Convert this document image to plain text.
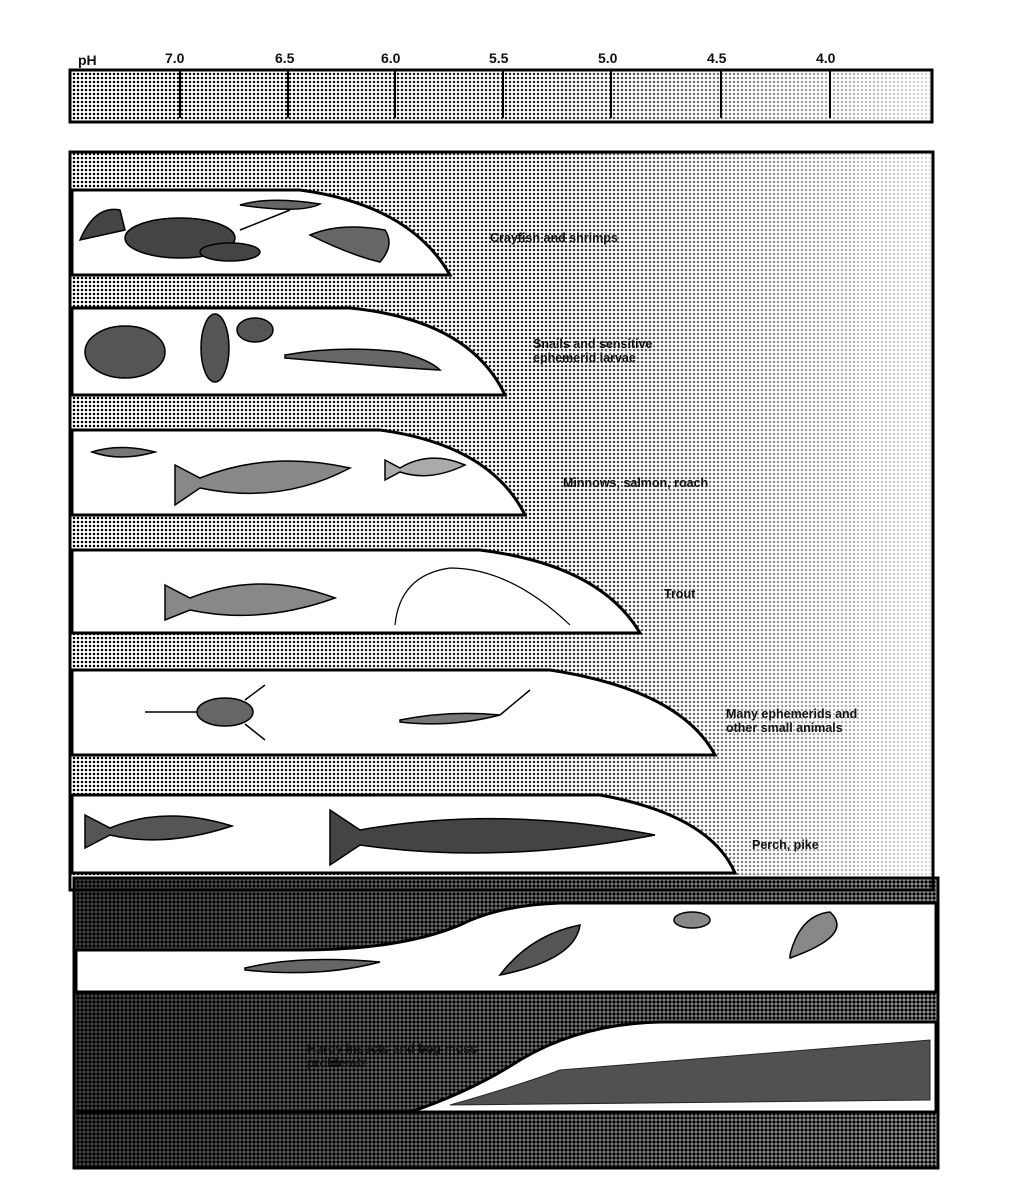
pH	7.0	6.5	6.0	5.5	5.0	4.5	4.0
Crayfish and shrimps
Snails and sensitive
ephemerid larvae
Minnows, salmon, roach
Trout
Many ephemerids and
other small animals
Perch, pike
Hardy insects and bog moss
proliferate
